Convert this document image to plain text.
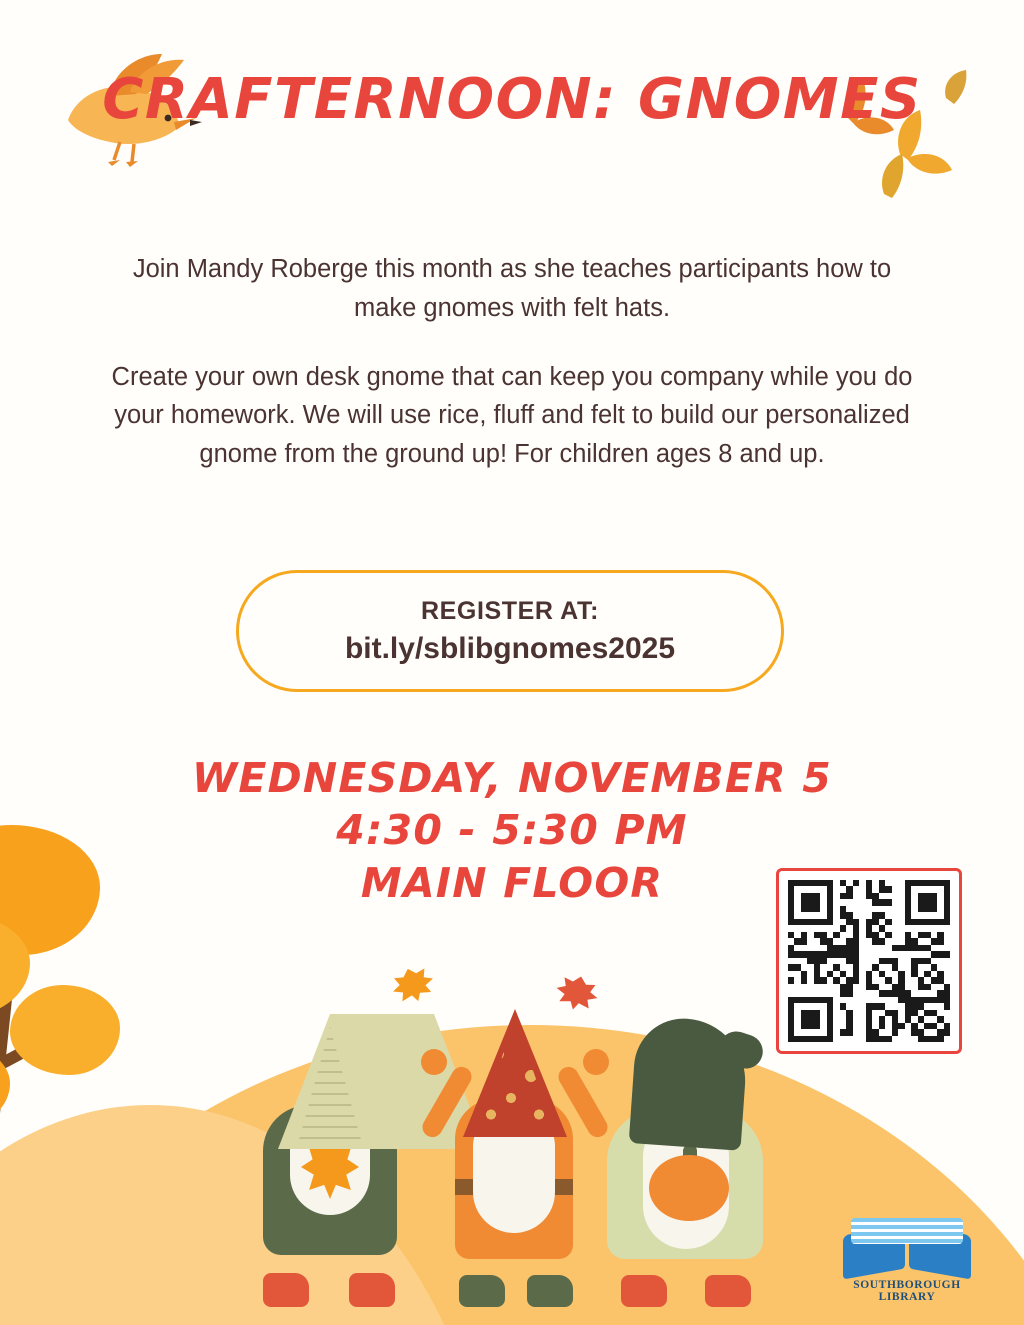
CRAFTERNOON: GNOMES

Join Mandy Roberge this month as she teaches participants how to make gnomes with felt hats.

Create your own desk gnome that can keep you company while you do your homework. We will use rice, fluff and felt to build our personalized gnome from the ground up! For children ages 8 and up.

REGISTER AT:
bit.ly/sblibgnomes2025
WEDNESDAY, NOVEMBER 5
4:30 - 5:30 PM
MAIN FLOOR
SOUTHBOROUGH LIBRARY
